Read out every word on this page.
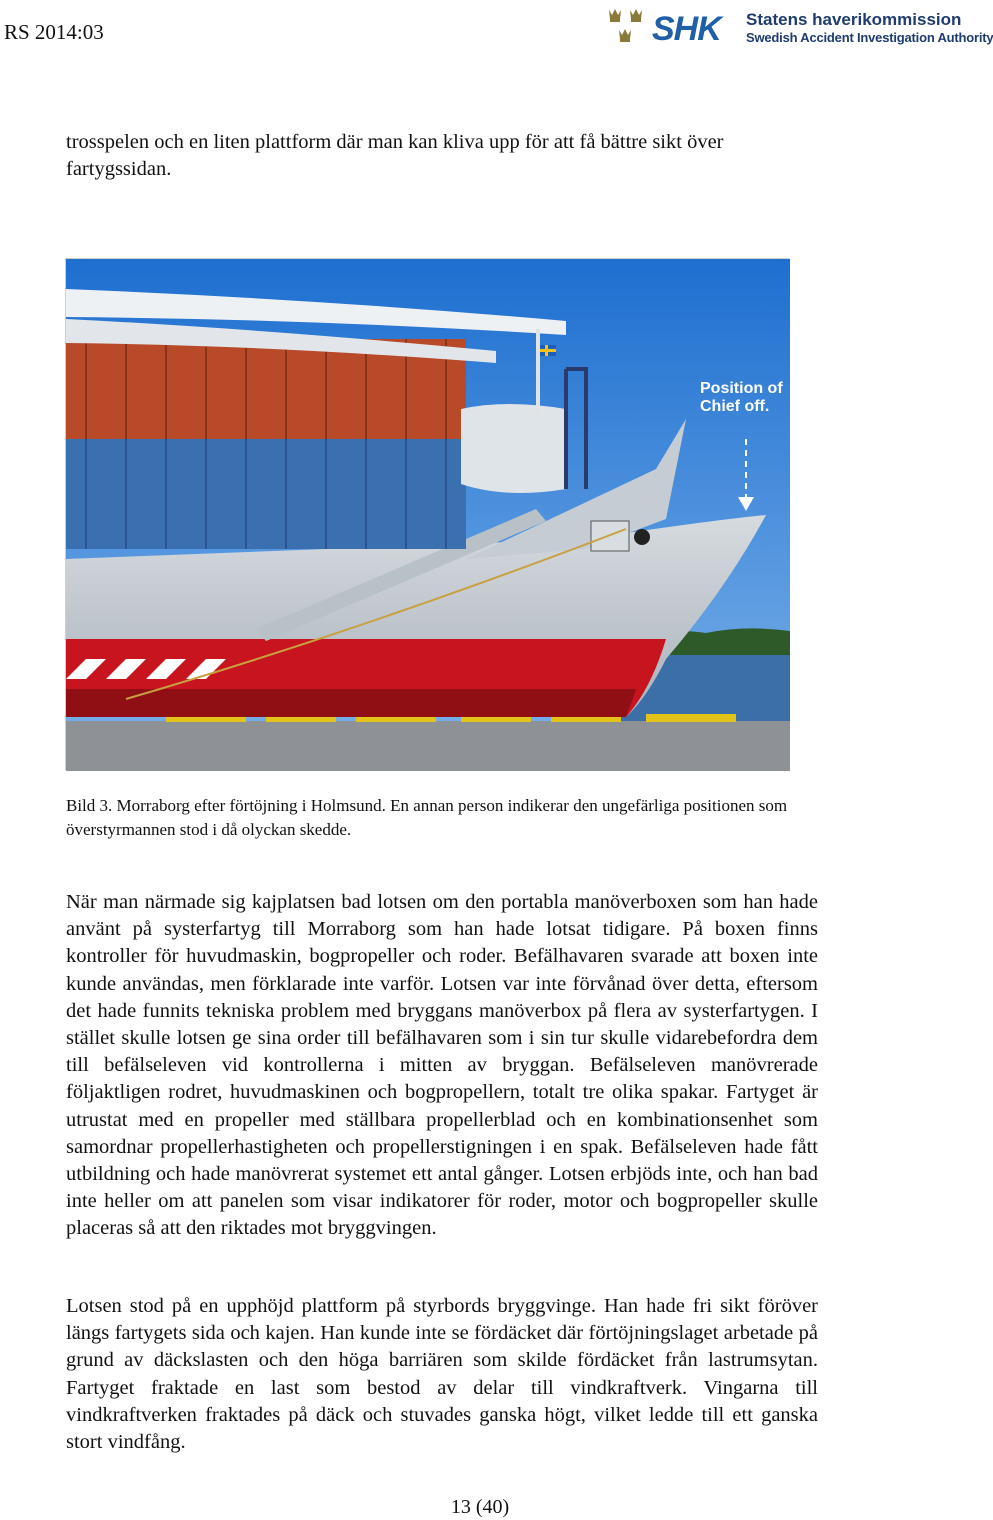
RS 2014:03	SHK Statens haverikommission
Swedish Accident Investigation Authority

trosspelen och en liten plattform där man kan kliva upp för att få bättre sikt över fartygssidan.

Position of
Chief off.

Bild 3. Morraborg efter förtöjning i Holmsund. En annan person indikerar den ungefärliga positionen som överstyrmannen stod i då olyckan skedde.

När man närmade sig kajplatsen bad lotsen om den portabla manöverboxen som han hade använt på systerfartyg till Morraborg som han hade lotsat tidigare. På boxen finns kontroller för huvudmaskin, bogpropeller och roder. Befälhavaren svarade att boxen inte kunde användas, men förklarade inte varför. Lotsen var inte förvånad över detta, eftersom det hade funnits tekniska problem med bryggans manöverbox på flera av systerfartygen. I stället skulle lotsen ge sina order till befälhavaren som i sin tur skulle vidarebefordra dem till befälseleven vid kontrollerna i mitten av bryggan. Befälseleven manövrerade följaktligen rodret, huvudmaskinen och bogpropellern, totalt tre olika spakar. Fartyget är utrustat med en propeller med ställbara propellerblad och en kombinationsenhet som samordnar propellerhastigheten och propellerstigningen i en spak. Befälseleven hade fått utbildning och hade manövrerat systemet ett antal gånger. Lotsen erbjöds inte, och han bad inte heller om att panelen som visar indikatorer för roder, motor och bogpropeller skulle placeras så att den riktades mot bryggvingen.

Lotsen stod på en upphöjd plattform på styrbords bryggvinge. Han hade fri sikt föröver längs fartygets sida och kajen. Han kunde inte se fördäcket där förtöjningslaget arbetade på grund av däckslasten och den höga barriären som skilde fördäcket från lastrumsytan. Fartyget fraktade en last som bestod av delar till vindkraftverk. Vingarna till vindkraftverken fraktades på däck och stuvades ganska högt, vilket ledde till ett ganska stort vindfång.

13 (40)
